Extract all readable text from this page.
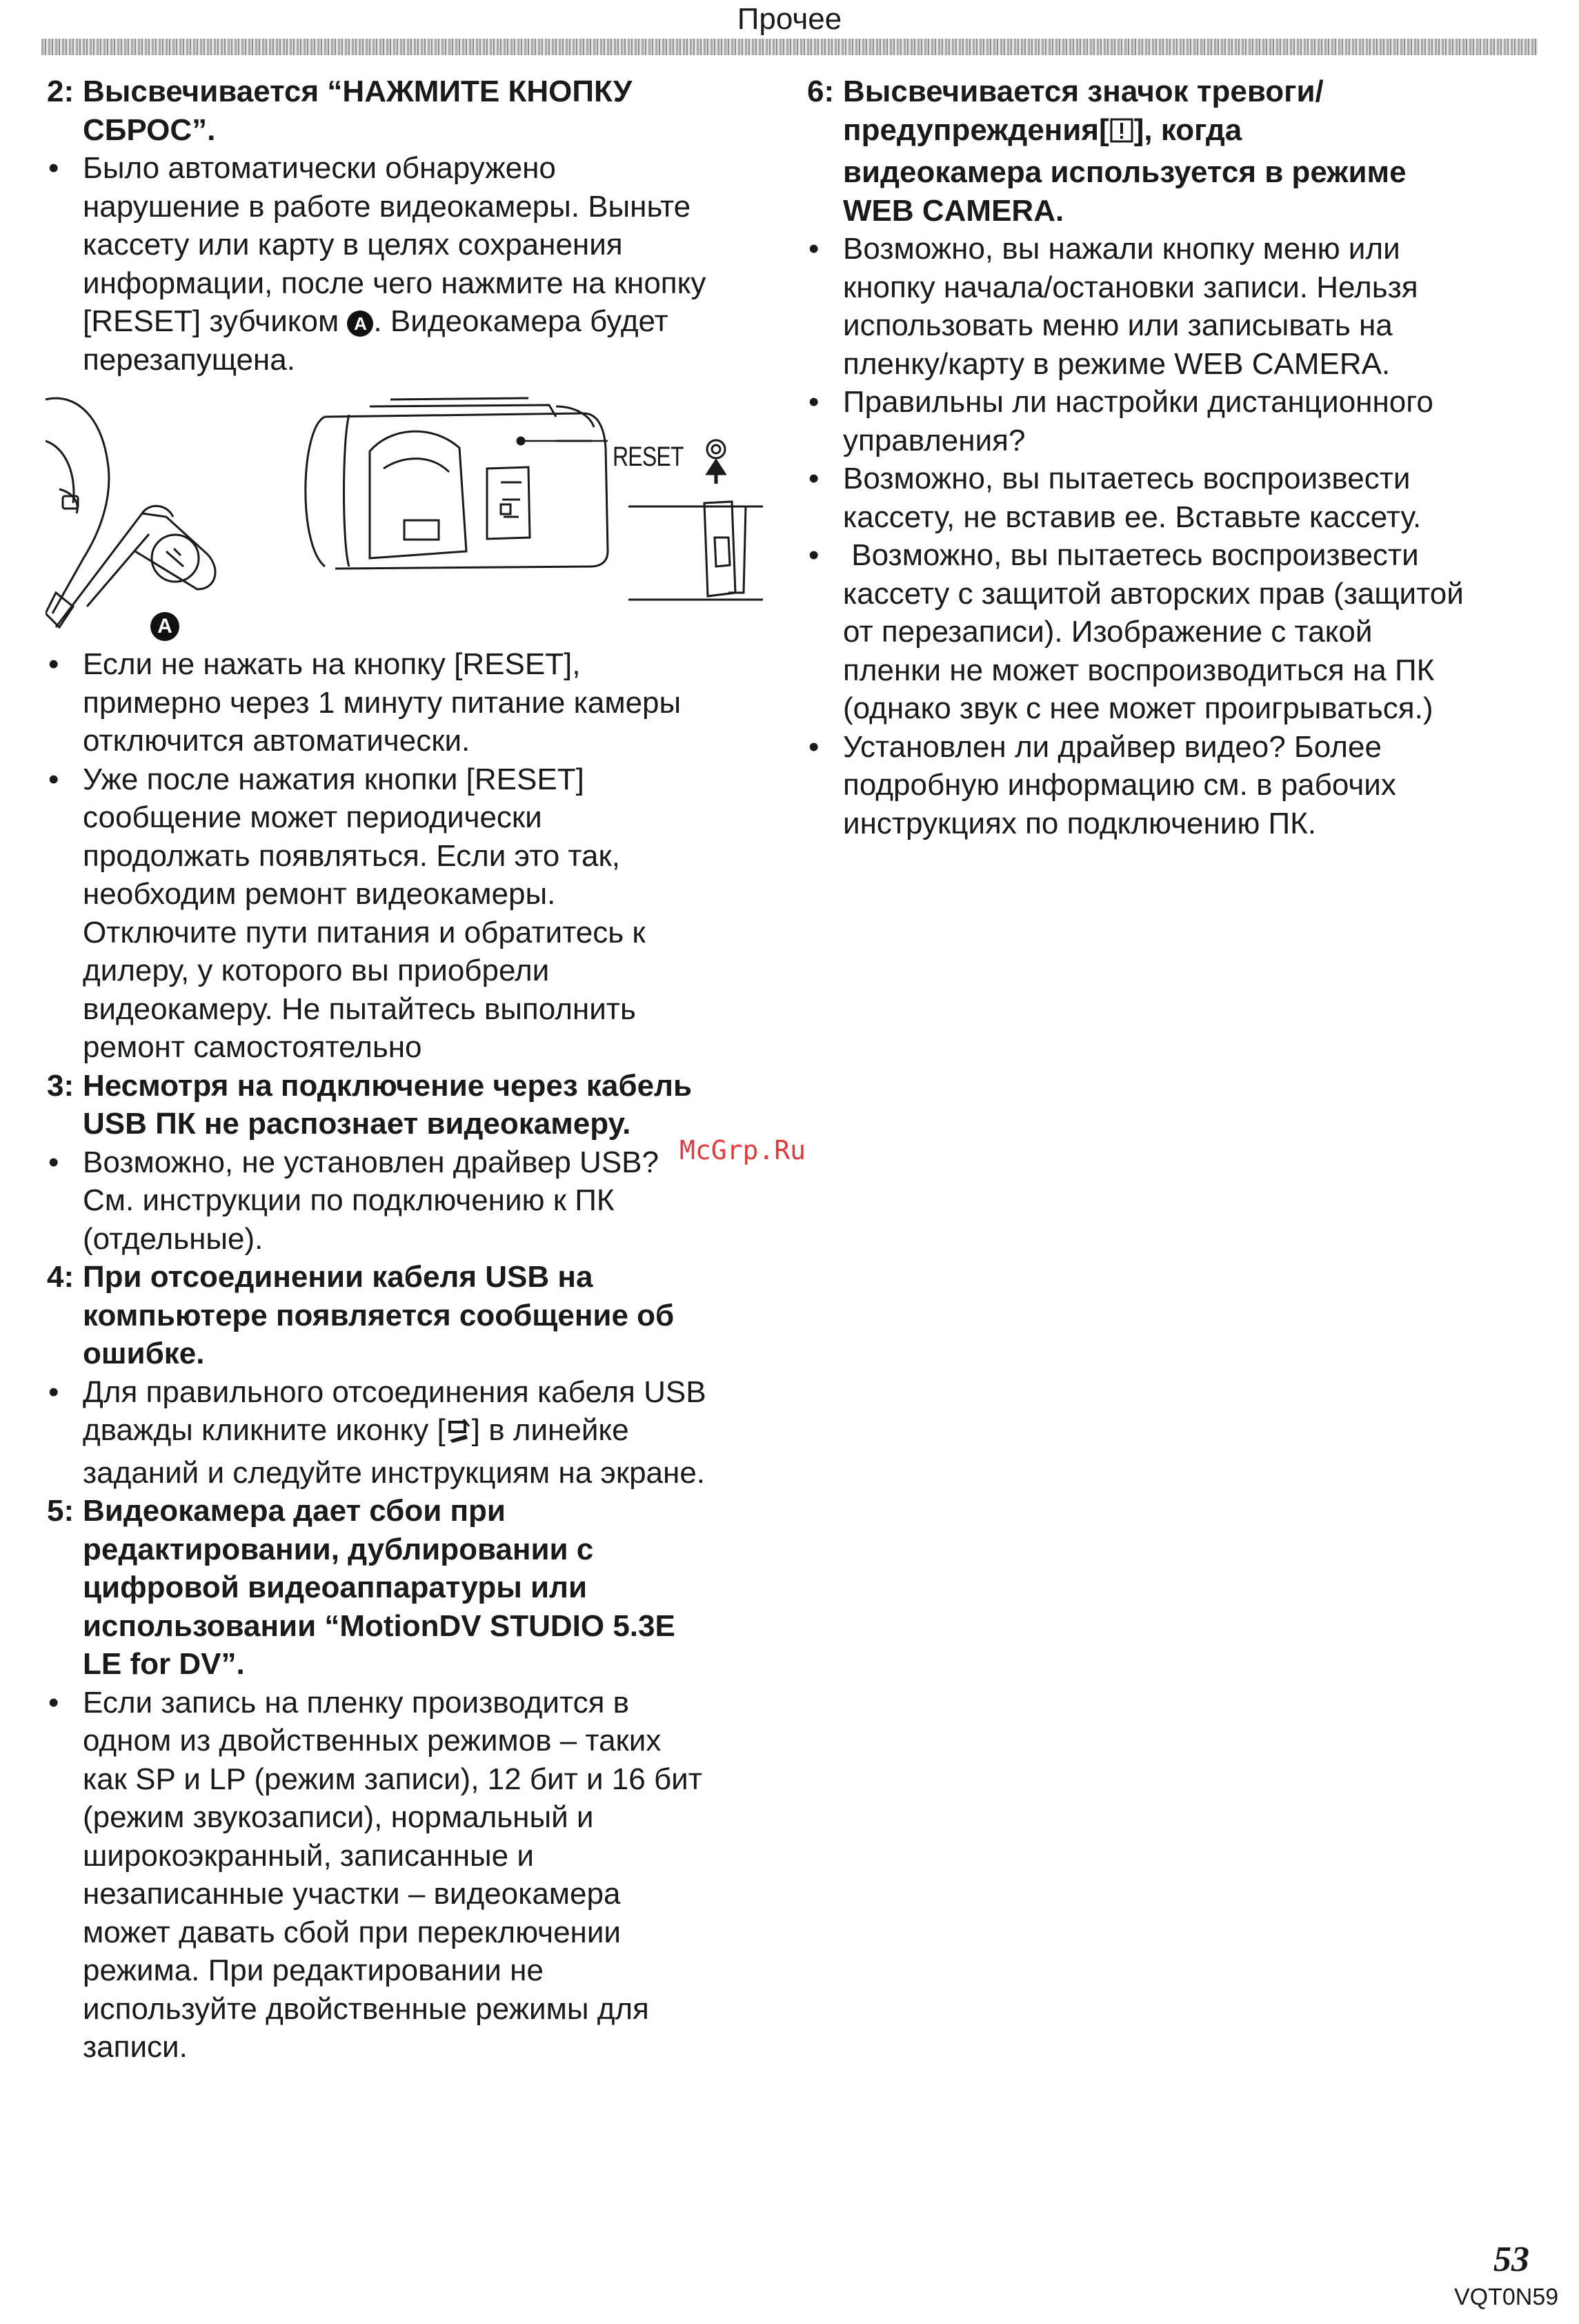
Прочее
2: Высвечивается “НАЖМИТЕ КНОПКУ
СБРОС”.
• Было автоматически обнаружено
нарушение в работе видеокамеры. Выньте
кассету или карту в целях сохранения
информации, после чего нажмите на кнопку
[RESET] зубчиком A . Видеокамера будет
перезапущена.
RESET
A
• Если не нажать на кнопку [RESET],
примерно через 1 минуту питание камеры
отключится автоматически.
• Уже после нажатия кнопки [RESET]
сообщение может периодически
продолжать появляться. Если это так,
необходим ремонт видеокамеры.
Отключите пути питания и обратитесь к
дилеру, у которого вы приобрели
видеокамеру. Не пытайтесь выполнить
ремонт самостоятельно
3: Несмотря на подключение через кабель
USB ПК не распознает видеокамеру.
• Возможно, не установлен драйвер USB?
См. инструкции по подключению к ПК
(отдельные).
4: При отсоединении кабеля USB на
компьютере появляется сообщение об
ошибке.
• Для правильного отсоединения кабеля USB
дважды кликните иконку [ ] в линейке
заданий и следуйте инструкциям на экране.
5: Видеокамера дает сбои при
редактировании, дублировании с
цифровой видеоаппаратуры или
использовании “MotionDV STUDIO 5.3E
LE for DV”.
• Если запись на пленку производится в
одном из двойственных режимов – таких
как SP и LP (режим записи), 12 бит и 16 бит
(режим звукозаписи), нормальный и
широкоэкранный, записанные и
незаписанные участки – видеокамера
может давать сбой при переключении
режима. При редактировании не
используйте двойственные режимы для
записи.
6: Высвечивается значок тревоги/
предупреждения[ ], когда
видеокамера используется в режиме
WEB CAMERA.
• Возможно, вы нажали кнопку меню или
кнопку начала/остановки записи. Нельзя
использовать меню или записывать на
пленку/карту в режиме WEB CAMERA.
• Правильны ли настройки дистанционного
управления?
• Возможно, вы пытаетесь воспроизвести
кассету, не вставив ее. Вставьте кассету.
• Возможно, вы пытаетесь воспроизвести
кассету с защитой авторских прав (защитой
от перезаписи). Изображение с такой
пленки не может воспроизводиться на ПК
(однако звук с нее может проигрываться.)
• Установлен ли драйвер видео? Более
подробную информацию см. в рабочих
инструкциях по подключению ПК.
McGrp.Ru
53
VQT0N59
